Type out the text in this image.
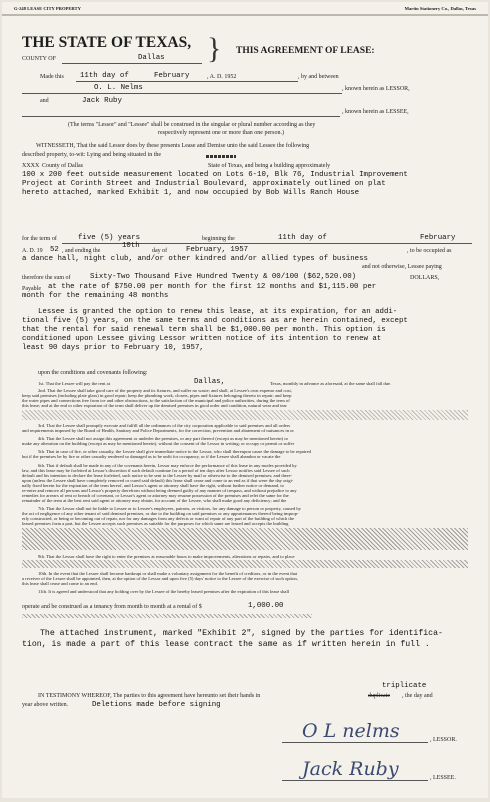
G-248 LEASE CITY PROPERTY	Martin Stationery Co., Dallas, Texas
THE STATE OF TEXAS,
COUNTY OF	Dallas } THIS AGREEMENT OF LEASE:
Made this 11th day of	February	, A. D. 1952	, by and between
O. L. Nelms	, known herein as LESSOR,
and	Jack Ruby
, known herein as LESSEE,
(The terms "Lessor" and "Lessee" shall be construed in the singular or plural number according as they
respectively represent one or more than one person.)
WITNESSETH, That the said Lessor does by these presents Lease and Demise unto the said Lessee the following
described property, to-wit: Lying and being situated in the
XXXX County of Dallas	State of Texas, and being a building approximately
100 x 200 feet outside measurement located on Lots 6-10, Blk 76, Industrial Improvement
Project at Corinth Street and Industrial Boulevard, approximately outlined on plat
hereto attached, marked Exhibit 1, and now occupied by Bob Wills Ranch House
for the term of	five (5) years	beginning the	11th day of	February
A. D. 19 52 , and ending the
10th
day of	February, 1957	, to be occupied as
a dance hall, night club, and/or other kindred and/or allied types of business
and not otherwise, Lessee paying
therefore the sum of	Sixty-Two Thousand Five Hundred Twenty & 00/100 ($62,520.00)	DOLLARS,
Payable at the rate of $750.00 per month for the first 12 months and $1,115.00 per
month for the remaining 48 months
Lessee is granted the option to renew this lease, at its expiration, for an addi-
tional five (5) years, on the same terms and conditions as are herein contained, except
that the rental for said renewal term shall be $1,000.00 per month. This option is
conditioned upon Lessee giving Lessor written notice of its intention to renew at
least 90 days prior to February 10, 1957,
upon the conditions and covenants following:
1st. That the Lessee will pay the rent at	Dallas,	Texas, monthly in advance as aforesaid, at the same shall fall due.
2nd. That the Lessee shall take good care of the property and its fixtures, and suffer no waste; and shall, at Lessee's own expense and cost,
keep said premises (including plate glass) in good repair; keep the plumbing work, closets, pipes and fixtures belonging thereto in repair; and keep
the water pipes and connections free from ice and other obstructions, to the satisfaction of the municipal and police authorities, during the term of
this lease; and at the end or other expiration of the term shall deliver up the demised premises in good order and condition, natural wear and tear
3rd. That the Lessee shall promptly execute and fulfill all the ordinances of the city corporation applicable to said premises and all orders
and requirements imposed by the Board of Health, Sanitary and Police Departments, for the correction, prevention and abatement of nuisances in or
4th. That the Lessee shall not assign this agreement or underlet the premises, or any part thereof (except as may be mentioned herein) or
make any alteration on the building (except as may be mentioned herein), without the consent of the Lessor in writing; or occupy or permit or suffer
5th. That in case of fire, or other casualty, the Lessee shall give immediate notice to the Lessor, who shall thereupon cause the damage to be repaired
but if the premises be by fire or other casualty rendered so damaged as to be unfit for occupancy, or if the Lessee shall abandon or vacate the
6th. That if default shall be made in any of the covenants herein, Lessor may enforce the performance of this lease in any modes provided by
law, and this lease may be forfeited at Lessor's discretion if such default continue for a period of ten days after Lessor notifies said Lessee of such
default and his intention to declare the lease forfeited, such notice to be sent to the Lessee by mail or otherwise to the demised premises; and there-
upon (unless the Lessee shall have completely removed or cured said default) this lease shall cease and come to an end as if that were the day origi-
nally fixed herein for the expiration of the term hereof, and Lessor's agent or attorney shall have the right, without further notice or demand, to
re-enter and remove all persons and Lessor's property therefrom without being deemed guilty of any manner of trespass, and without prejudice to any
remedies for arrears of rent or breach of covenant, or Lessor's agent or attorney may resume possession of the premises and relet the same for the
remainder of the term at the best rent said agent or attorney may obtain, for account of the Lessee, who shall make good any deficiency; and the
7th. That the Lessor shall not be liable to Lessee or to Lessee's employees, patrons, or visitors, for any damage to person or property, caused by
the act of negligence of any other tenant of said demised premises, or due to the building on said premises or any appurtenances thereof being improp-
erly constructed, or being or becoming out of repair, nor for any damages from any defects or want of repair of any part of the building of which the
leased premises form a part, but the Lessee accepts such premises as suitable for the purposes for which same are leased and accepts the building
9th. That the Lessor shall have the right to enter the premises at reasonable hours to make improvements, alterations or repairs, and to place
10th. In the event that the Lessee shall become bankrupt or shall make a voluntary assignment for the benefit of creditors, or in the event that
a receiver of the Lessee shall be appointed, then, at the option of the Lessor and upon five (5) days' notice to the Lessee of the exercise of such option,
this lease shall cease and come to an end.
11th. It is agreed and understood that any holding over by the Lessee of the hereby leased premises after the expiration of this lease shall
operate and be construed as a tenancy from month to month at a rental of $	1,000.00
The attached instrument, marked "Exhibit 2", signed by the parties for identifica-
tion, is made a part of this lease contract the same as if written herein in full .
triplicate
IN TESTIMONY WHEREOF, The parties to this agreement have hereunto set their hands in	duplicate , the day and
year above written.	Deletions made before signing
O L nelms	, LESSOR.
Jack Ruby	, LESSEE.
